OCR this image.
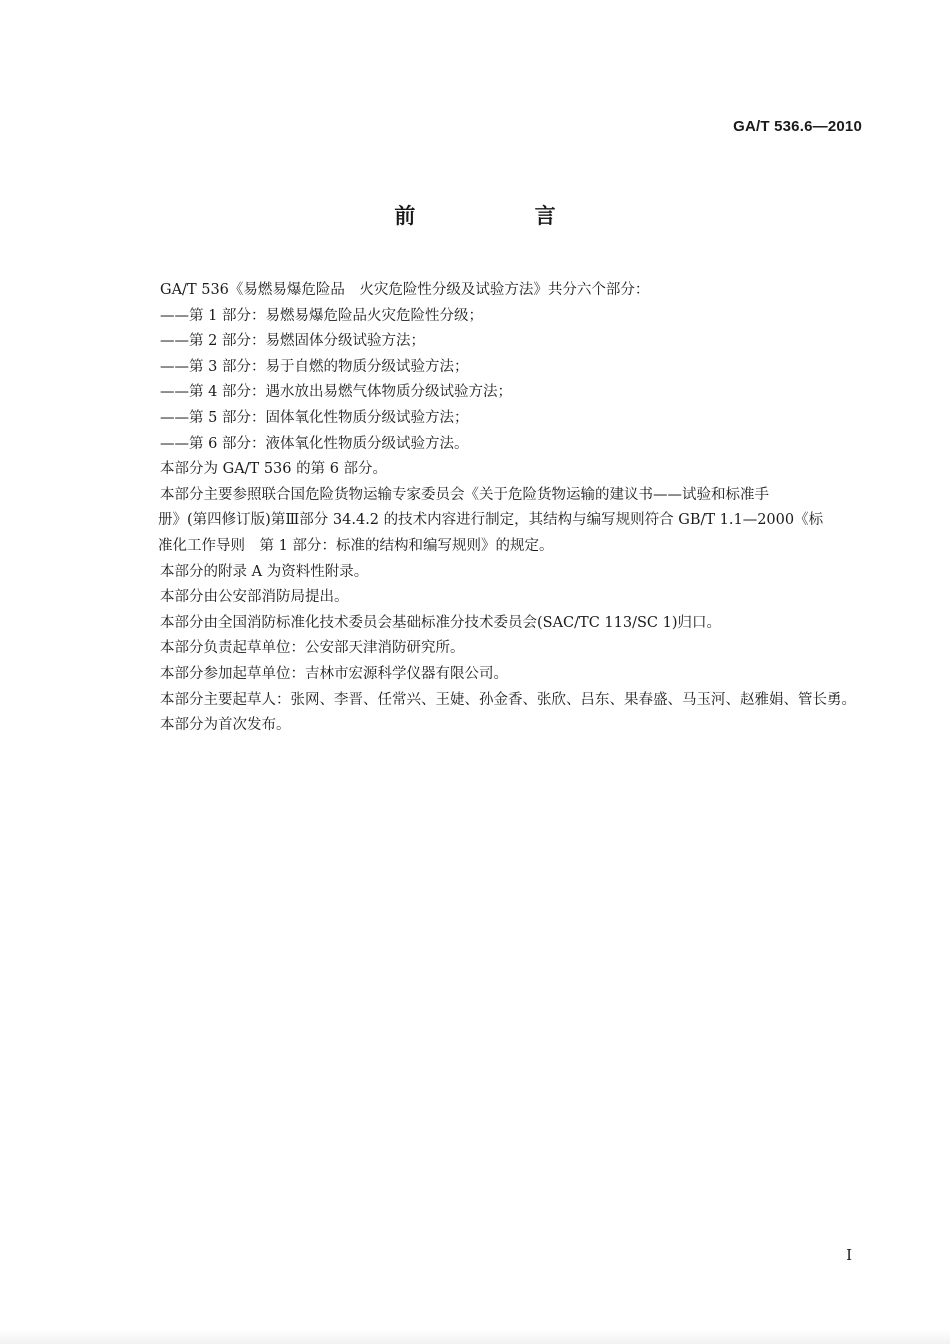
GA/T 536.6—2010
前 言
GA/T 536《易燃易爆危险品　火灾危险性分级及试验方法》共分六个部分：
——第 1 部分：易燃易爆危险品火灾危险性分级；
——第 2 部分：易燃固体分级试验方法；
——第 3 部分：易于自燃的物质分级试验方法；
——第 4 部分：遇水放出易燃气体物质分级试验方法；
——第 5 部分：固体氧化性物质分级试验方法；
——第 6 部分：液体氧化性物质分级试验方法。
本部分为 GA/T 536 的第 6 部分。
本部分主要参照联合国危险货物运输专家委员会《关于危险货物运输的建议书——试验和标准手
册》(第四修订版)第Ⅲ部分 34.4.2 的技术内容进行制定，其结构与编写规则符合 GB/T 1.1—2000《标
准化工作导则　第 1 部分：标准的结构和编写规则》的规定。
本部分的附录 A 为资料性附录。
本部分由公安部消防局提出。
本部分由全国消防标准化技术委员会基础标准分技术委员会(SAC/TC 113/SC 1)归口。
本部分负责起草单位：公安部天津消防研究所。
本部分参加起草单位：吉林市宏源科学仪器有限公司。
本部分主要起草人：张网、李晋、任常兴、王婕、孙金香、张欣、吕东、果春盛、马玉河、赵雅娟、管长勇。
本部分为首次发布。
I
